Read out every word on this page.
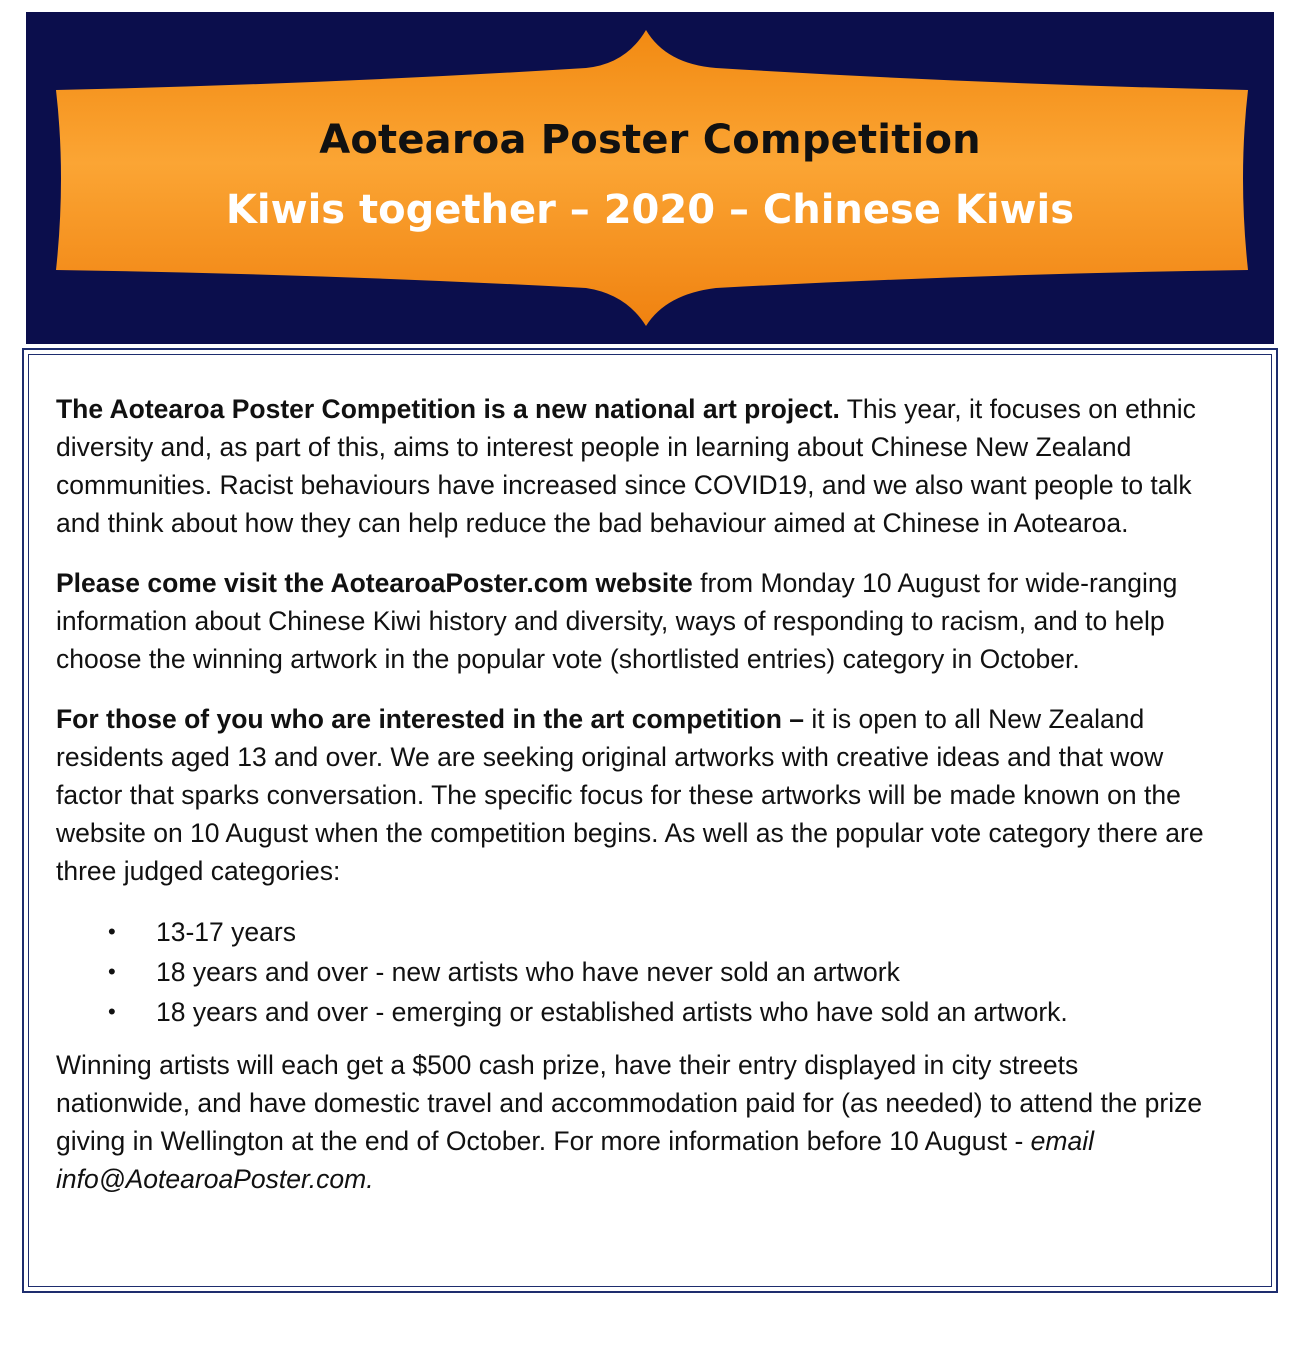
Aotearoa Poster Competition
Kiwis together – 2020 – Chinese Kiwis

The Aotearoa Poster Competition is a new national art project. This year, it focuses on ethnic diversity and, as part of this, aims to interest people in learning about Chinese New Zealand communities. Racist behaviours have increased since COVID19, and we also want people to talk and think about how they can help reduce the bad behaviour aimed at Chinese in Aotearoa.

Please come visit the AotearoaPoster.com website from Monday 10 August for wide-ranging information about Chinese Kiwi history and diversity, ways of responding to racism, and to help choose the winning artwork in the popular vote (shortlisted entries) category in October.

For those of you who are interested in the art competition – it is open to all New Zealand residents aged 13 and over. We are seeking original artworks with creative ideas and that wow factor that sparks conversation. The specific focus for these artworks will be made known on the website on 10 August when the competition begins. As well as the popular vote category there are three judged categories:

• 13-17 years
• 18 years and over - new artists who have never sold an artwork
• 18 years and over - emerging or established artists who have sold an artwork.

Winning artists will each get a $500 cash prize, have their entry displayed in city streets nationwide, and have domestic travel and accommodation paid for (as needed) to attend the prize giving in Wellington at the end of October. For more information before 10 August - email info@AotearoaPoster.com.
